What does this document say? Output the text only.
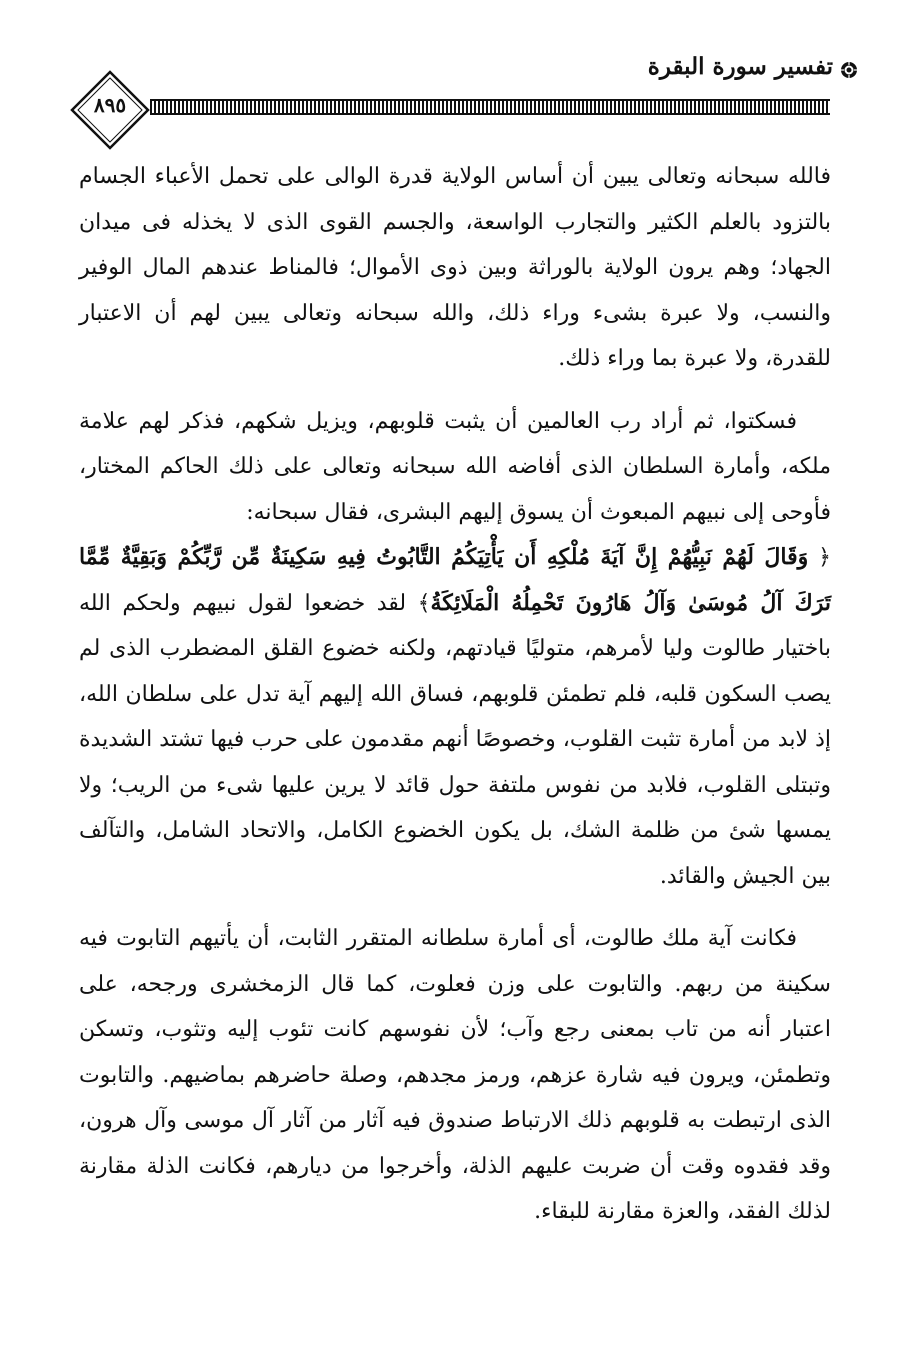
تفسير سورة البقرة
٨٩٥

فالله سبحانه وتعالى يبين أن أساس الولاية قدرة الوالى على تحمل الأعباء الجسام بالتزود بالعلم الكثير والتجارب الواسعة، والجسم القوى الذى لا يخذله فى ميدان الجهاد؛ وهم يرون الولاية بالوراثة وبين ذوى الأموال؛ فالمناط عندهم المال الوفير والنسب، ولا عبرة بشىء وراء ذلك، والله سبحانه وتعالى يبين لهم أن الاعتبار للقدرة، ولا عبرة بما وراء ذلك.

فسكتوا، ثم أراد رب العالمين أن يثبت قلوبهم، ويزيل شكهم، فذكر لهم علامة ملكه، وأمارة السلطان الذى أفاضه الله سبحانه وتعالى على ذلك الحاكم المختار، فأوحى إلى نبيهم المبعوث أن يسوق إليهم البشرى، فقال سبحانه:

﴿ وَقَالَ لَهُمْ نَبِيُّهُمْ إِنَّ آيَةَ مُلْكِهِ أَن يَأْتِيَكُمُ التَّابُوتُ فِيهِ سَكِينَةٌ مِّن رَّبِّكُمْ وَبَقِيَّةٌ مِّمَّا تَرَكَ آلُ مُوسَىٰ وَآلُ هَارُونَ تَحْمِلُهُ الْمَلَائِكَةُ﴾ لقد خضعوا لقول نبيهم ولحكم الله باختيار طالوت وليا لأمرهم، متوليًا قيادتهم، ولكنه خضوع القلق المضطرب الذى لم يصب السكون قلبه، فلم تطمئن قلوبهم، فساق الله إليهم آية تدل على سلطان الله، إذ لابد من أمارة تثبت القلوب، وخصوصًا أنهم مقدمون على حرب فيها تشتد الشديدة وتبتلى القلوب، فلابد من نفوس ملتفة حول قائد لا يرين عليها شىء من الريب؛ ولا يمسها شئ من ظلمة الشك، بل يكون الخضوع الكامل، والاتحاد الشامل، والتآلف بين الجيش والقائد.

فكانت آية ملك طالوت، أى أمارة سلطانه المتقرر الثابت، أن يأتيهم التابوت فيه سكينة من ربهم. والتابوت على وزن فعلوت، كما قال الزمخشرى ورجحه، على اعتبار أنه من تاب بمعنى رجع وآب؛ لأن نفوسهم كانت تئوب إليه وتثوب، وتسكن وتطمئن، ويرون فيه شارة عزهم، ورمز مجدهم، وصلة حاضرهم بماضيهم. والتابوت الذى ارتبطت به قلوبهم ذلك الارتباط صندوق فيه آثار من آثار آل موسى وآل هرون، وقد فقدوه وقت أن ضربت عليهم الذلة، وأخرجوا من ديارهم، فكانت الذلة مقارنة لذلك الفقد، والعزة مقارنة للبقاء.
